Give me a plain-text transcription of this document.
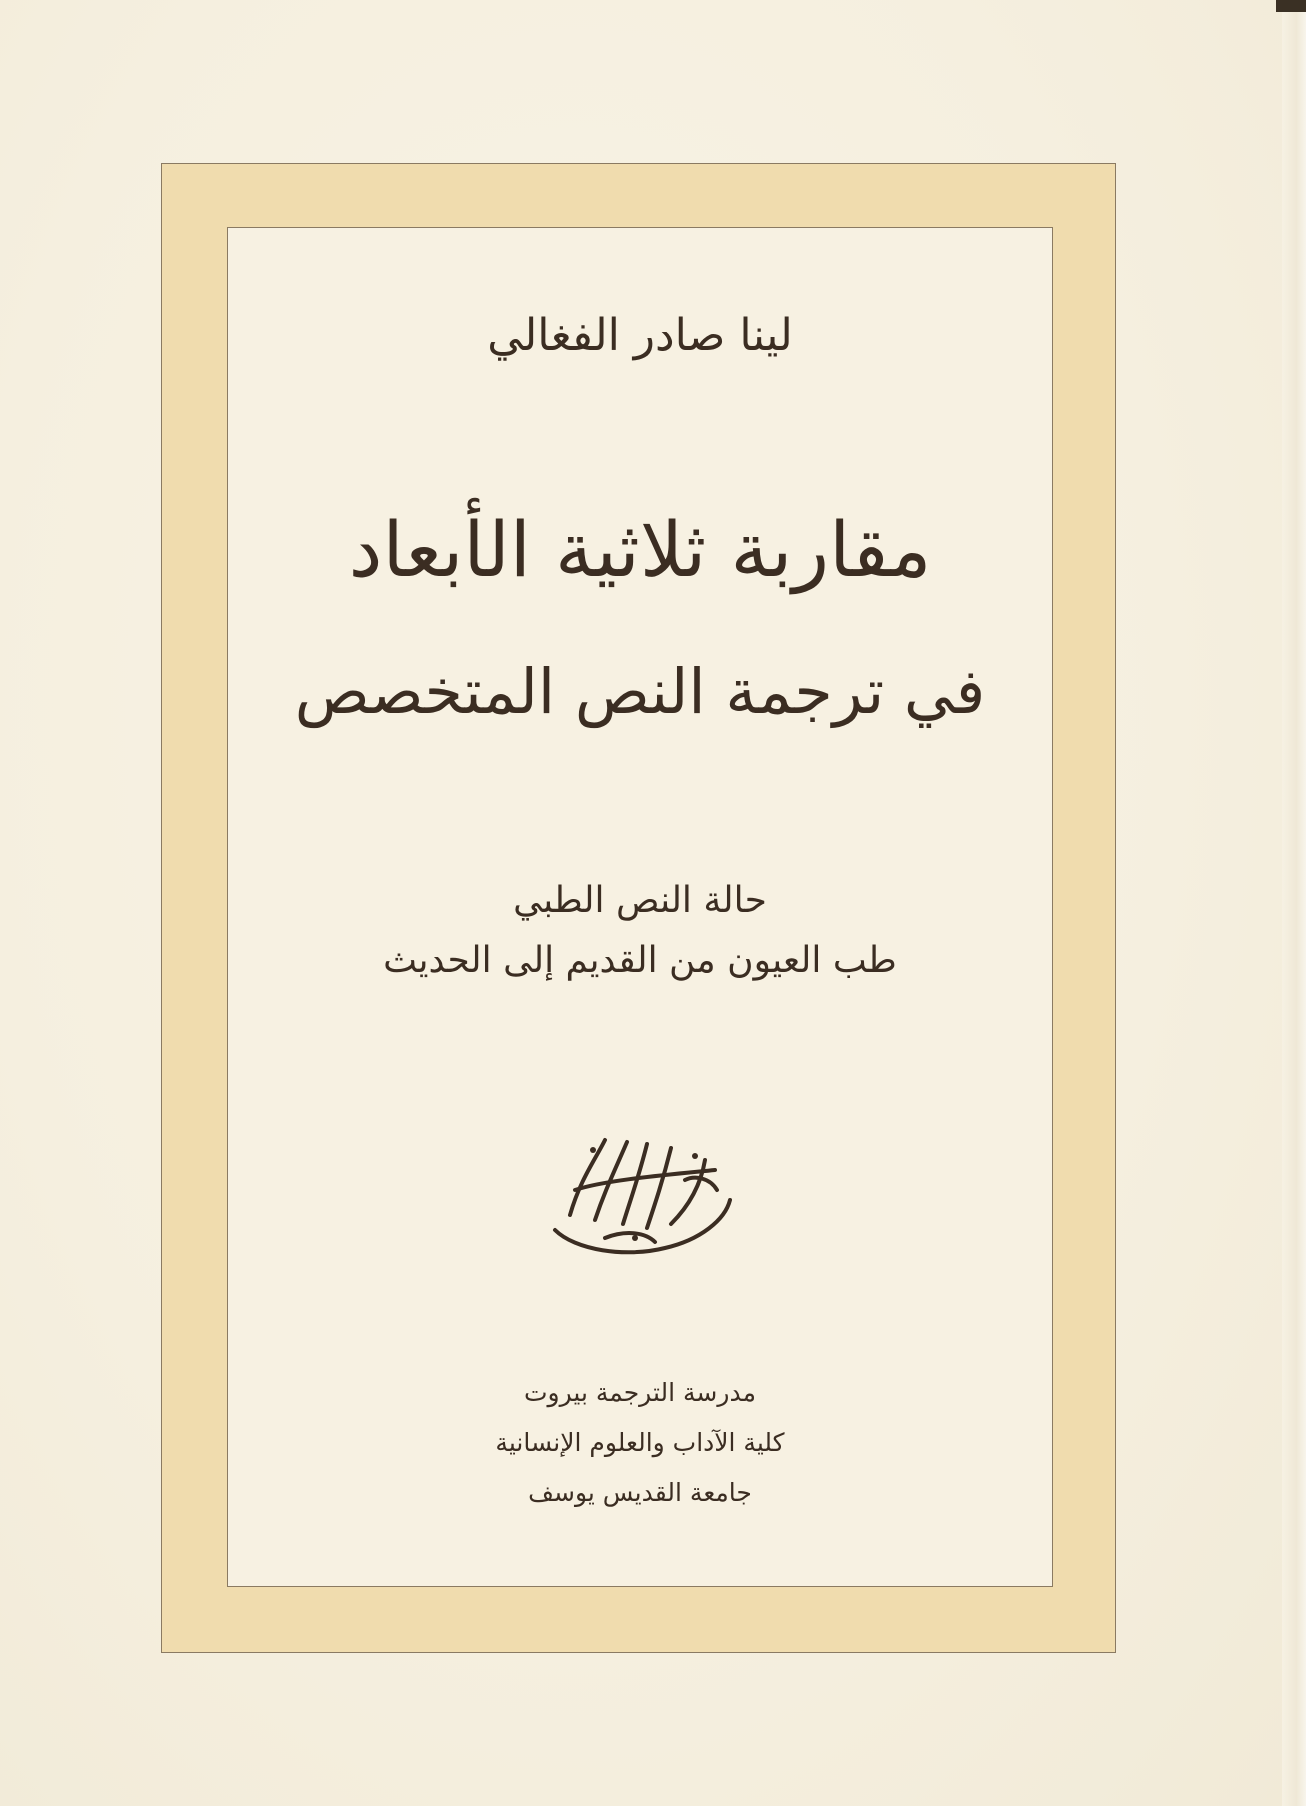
لينا صادر الفغالي
مقاربة ثلاثية الأبعاد
في ترجمة النص المتخصص
حالة النص الطبي
طب العيون من القديم إلى الحديث
مدرسة الترجمة بيروت
كلية الآداب والعلوم الإنسانية
جامعة القديس يوسف
